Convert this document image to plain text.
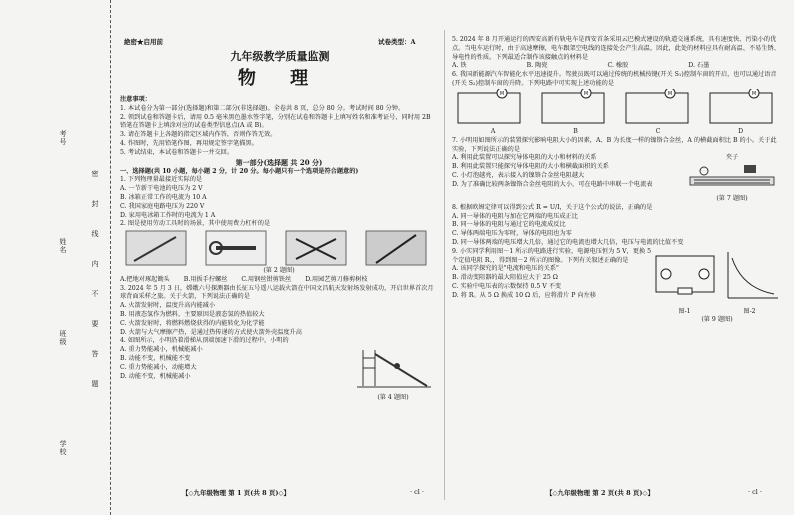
考号
姓名
班级
学校
密
封
线
内
不
要
答
题
絶密★启用前	试卷类型：A
九年级教学质量监测
物 理

注意事项：

1. 本试卷分为第一部分(选择题)和第二部分(非选择题)。全卷共 8 页，总分 80 分。考试时间 80 分钟。

2. 领到试卷和答题卡后，请用 0.5 毫米黑色墨水签字笔，分别在试卷和答题卡上填写姓名和准考证号，同时用 2B 铅笔在答题卡上填涂对应的试卷类型信息点(A 或 B)。

3. 请在答题卡上各题的指定区域内作答，否则作答无效。

4. 作图时，先用铅笔作图，再用规定签字笔描黑。

5. 考试结束，本试卷和答题卡一并交回。

第一部分(选择题 共 20 分)

一、选择题(共 10 小题，每小题 2 分，计 20 分。每小题只有一个选项是符合题意的)

1. 下列物理量最接近实际的是

A. 一节新干电池的电压为 2 V

B. 冰箱正常工作的电流为 10 A

C. 我国家庭电路电压为 220 V

D. 家用电冰箱工作时的电流为 1 A

2. 图是使用劳动工具时的场景，其中使用费力杠杆的是

(第 2 题图)

A.把地对琢起锄头 B.用扳手拧螺丝 C.用钢丝钳剪铁丝 D.用园艺剪刀修剪树枝

3. 2024 年 5 月 3 日，嫦娥六号探测器由长征五号遥八运载火箭在中国文昌航天发射场发射成功，开启世界首次月球背面采样之旅。关于火箭，下列说法正确的是

A. 火箭发射时，温度升高内能减小

B. 用液态氢作为燃料，主要原因是液态氢的热值较大

C. 火箭发射时，将燃料燃烧获得的内能转化为化学能

D. 火箭与大气摩擦产热，是通过热传递的方式使火箭外壳温度升高

4. 如图所示，小明沿着滑梯从顶端加速下滑的过程中，小明的

A. 重力势能减小，机械能减小

B. 动能不变，机械能不变

C. 重力势能减小，动能增大

D. 动能不变，机械能减小

(第 4 题图)

5. 2024 年 8 月开通运行的西安高新有轨电车是西安首条采用云巴模式建设的轨道交通系统，具有速度快、污染小的优点。当电车运行时，由于高速摩擦，电车跟架空电线的连接处会产生高温，因此，此处的材料应具有耐高温、不易生锈、导电性的性质。下列最适合制作该接触点的材料是

A. 铁	B. 陶瓷	C. 橡胶	D. 石墨

6. 我国新能源汽车智能化水平迅速提升。驾驶员既可以通过传统的机械按键(开关 S₁)控制车窗的开启，也可以通过语音(开关 S₂)控制车窗的升降。下列电路中可实现上述功能的是

M	M	M	M
A	B	C	D

7. 小明用如图所示的装置探究影响电阻大小的因素，A、B 为长度一样的镍铬合金丝，A 的横截面积比 B 的小。关于此实验，下列说法正确的是

A. 利用此装置可以探究导体电阻的大小和材料的关系

B. 利用此装置只能探究导体电阻的大小和横截面积的关系

C. 小灯泡越亮，表示接入的镍铬合金丝电阻越大

D. 为了准确比较两条镍铬合金丝电阻的大小，可在电路中串联一个电流表

夹子

(第 7 题图)

8. 根据欧姆定律可以得到公式 R = U/I，关于这个公式的说法，正确的是

A. 同一导体的电阻与加在它两端的电压成正比

B. 同一导体的电阻与通过它的电流成反比

C. 导体两端电压为零时，导体的电阻也为零

D. 同一导体两端的电压增大几倍，通过它的电流也增大几倍，电压与电流的比值不变

9. 小实同学利用图－1 所示的电路进行实验，电源电压恒为 5 V，更换 5 个定值电阻 R。，得到图－2 所示的图像。下列有关叙述正确的是

A. 该同学探究的是"电流和电压的关系"

B. 滑动变阻器的最大阻值应大于 25 Ω

C. 实验中电压表的示数保持 0.5 V 不变

D. 将 R。从 5 Ω 换成 10 Ω 后，应将滑片 P 向左移

图-1	图-2

(第 9 题图)

【◇九年级物理 第 1 页(共 8 页)◇】	· cl ·	【◇九年级物理 第 2 页(共 8 页)◇】	· cl ·
